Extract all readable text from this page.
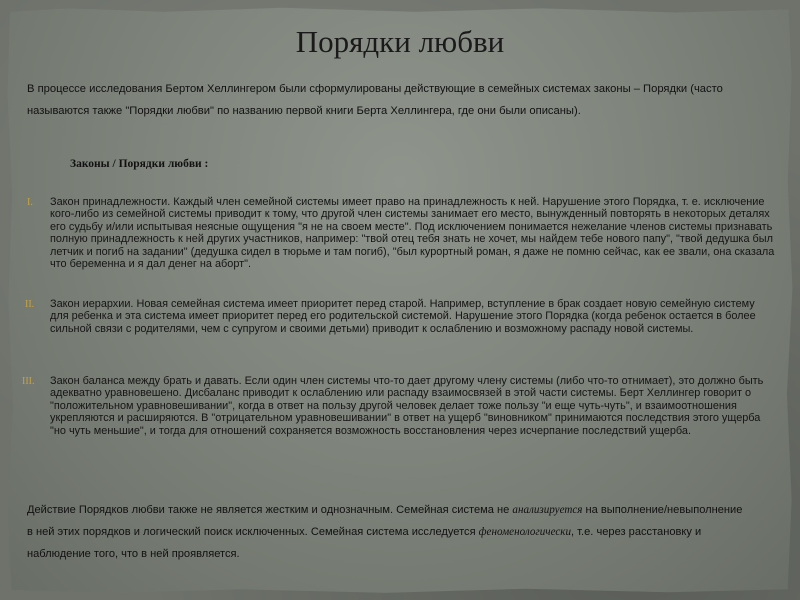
Порядки любви
В процессе исследования Бертом Хеллингером были сформулированы действующие в семейных системах законы – Порядки (часто называются также "Порядки любви" по названию первой книги Берта Хеллингера, где они были описаны).
Законы / Порядки любви :
I. Закон принадлежности. Каждый член семейной системы имеет право на принадлежность к ней. Нарушение этого Порядка, т. е. исключение кого-либо из семейной системы приводит к тому, что другой член системы занимает его место, вынужденный повторять в некоторых деталях его судьбу и/или испытывая неясные ощущения "я не на своем месте". Под исключением понимается нежелание членов системы признавать полную принадлежность к ней других участников, например: "твой отец тебя знать не хочет, мы найдем тебе нового папу", "твой дедушка был летчик и погиб на задании" (дедушка сидел в тюрьме и там погиб), "был курортный роман, я даже не помню сейчас, как ее звали, она сказала что беременна и я дал денег на аборт".
II. Закон иерархии. Новая семейная система имеет приоритет перед старой. Например, вступление в брак создает новую семейную систему для ребенка и эта система имеет приоритет перед его родительской системой. Нарушение этого Порядка (когда ребенок остается в более сильной связи с родителями, чем с супругом и своими детьми) приводит к ослаблению и возможному распаду новой системы.
III. Закон баланса между брать и давать. Если один член системы что-то дает другому члену системы (либо что-то отнимает), это должно быть адекватно уравновешено. Дисбаланс приводит к ослаблению или распаду взаимосвязей в этой части системы. Берт Хеллингер говорит о "положительном уравновешивании", когда в ответ на пользу другой человек делает тоже пользу "и еще чуть-чуть", и взаимоотношения укрепляются и расширяются. В "отрицательном уравновешивании" в ответ на ущерб "виновником" принимаются последствия этого ущерба "но чуть меньшие", и тогда для отношений сохраняется возможность восстановления через исчерпание последствий ущерба.
Действие Порядков любви также не является жестким и однозначным. Семейная система не анализируется на выполнение/невыполнение в ней этих порядков и логический поиск исключенных. Семейная система исследуется феноменологически, т.е. через расстановку и наблюдение того, что в ней проявляется.
